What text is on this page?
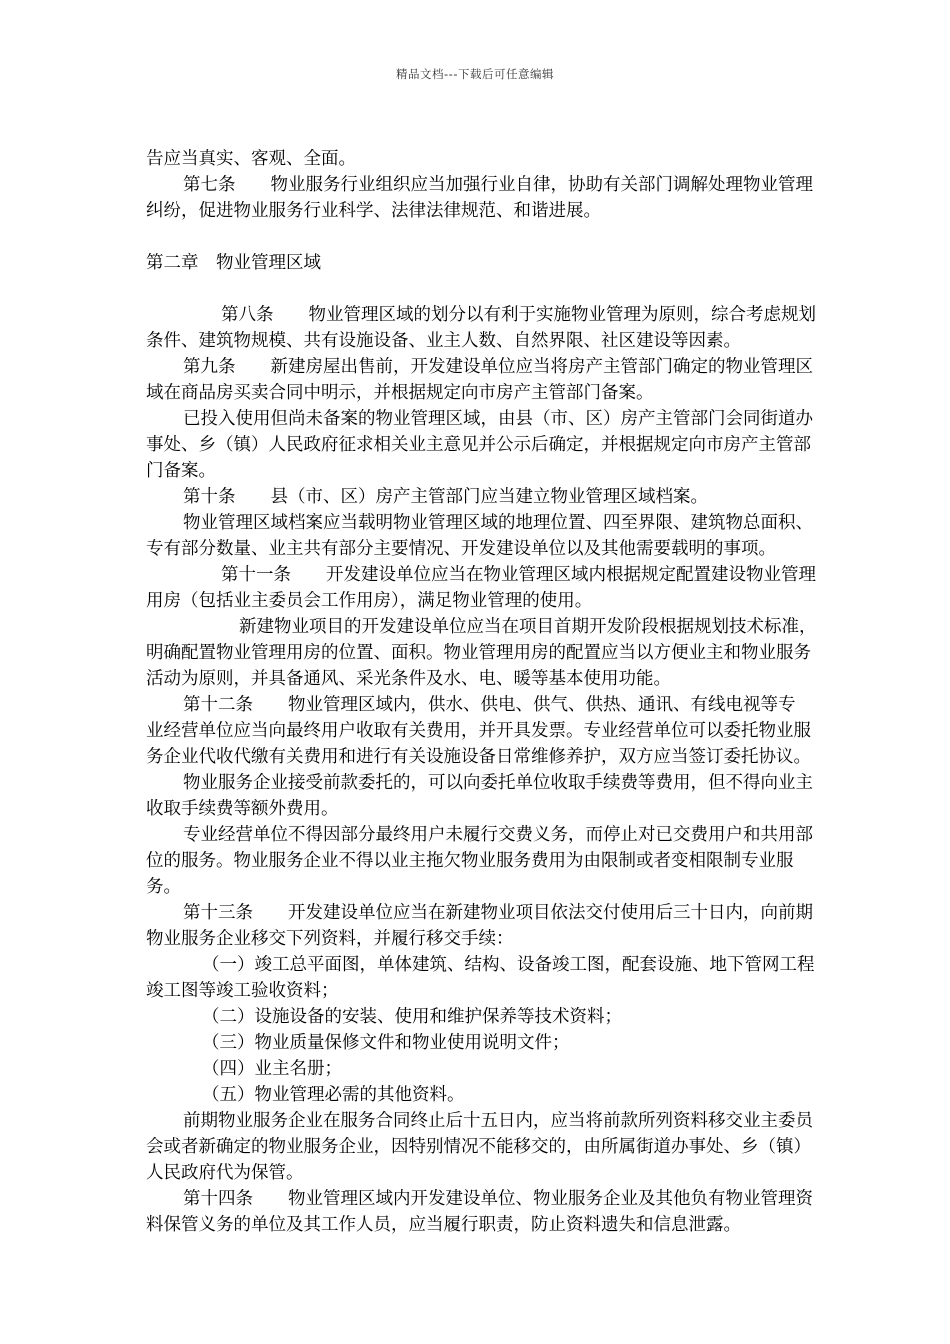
精品文档---下载后可任意编辑
告应当真实、客观、全面。
第七条　　物业服务行业组织应当加强行业自律，协助有关部门调解处理物业管理
纠纷，促进物业服务行业科学、法律法律规范、和谐进展。
第二章　物业管理区域
第八条　　物业管理区域的划分以有利于实施物业管理为原则，综合考虑规划
条件、建筑物规模、共有设施设备、业主人数、自然界限、社区建设等因素。
第九条　　新建房屋出售前，开发建设单位应当将房产主管部门确定的物业管理区
域在商品房买卖合同中明示，并根据规定向市房产主管部门备案。
已投入使用但尚未备案的物业管理区域，由县（市、区）房产主管部门会同街道办
事处、乡（镇）人民政府征求相关业主意见并公示后确定，并根据规定向市房产主管部
门备案。
第十条　　县（市、区）房产主管部门应当建立物业管理区域档案。
物业管理区域档案应当载明物业管理区域的地理位置、四至界限、建筑物总面积、
专有部分数量、业主共有部分主要情况、开发建设单位以及其他需要载明的事项。
第十一条　　开发建设单位应当在物业管理区域内根据规定配置建设物业管理
用房（包括业主委员会工作用房），满足物业管理的使用。
新建物业项目的开发建设单位应当在项目首期开发阶段根据规划技术标准，
明确配置物业管理用房的位置、面积。物业管理用房的配置应当以方便业主和物业服务
活动为原则，并具备通风、采光条件及水、电、暖等基本使用功能。
第十二条　　物业管理区域内，供水、供电、供气、供热、通讯、有线电视等专
业经营单位应当向最终用户收取有关费用，并开具发票。专业经营单位可以委托物业服
务企业代收代缴有关费用和进行有关设施设备日常维修养护，双方应当签订委托协议。
物业服务企业接受前款委托的，可以向委托单位收取手续费等费用，但不得向业主
收取手续费等额外费用。
专业经营单位不得因部分最终用户未履行交费义务，而停止对已交费用户和共用部
位的服务。物业服务企业不得以业主拖欠物业服务费用为由限制或者变相限制专业服
务。
第十三条　　开发建设单位应当在新建物业项目依法交付使用后三十日内，向前期
物业服务企业移交下列资料，并履行移交手续：
（一）竣工总平面图，单体建筑、结构、设备竣工图，配套设施、地下管网工程
竣工图等竣工验收资料；
（二）设施设备的安装、使用和维护保养等技术资料；
（三）物业质量保修文件和物业使用说明文件；
（四）业主名册；
（五）物业管理必需的其他资料。
前期物业服务企业在服务合同终止后十五日内，应当将前款所列资料移交业主委员
会或者新确定的物业服务企业，因特别情况不能移交的，由所属街道办事处、乡（镇）
人民政府代为保管。
第十四条　　物业管理区域内开发建设单位、物业服务企业及其他负有物业管理资
料保管义务的单位及其工作人员，应当履行职责，防止资料遗失和信息泄露。
